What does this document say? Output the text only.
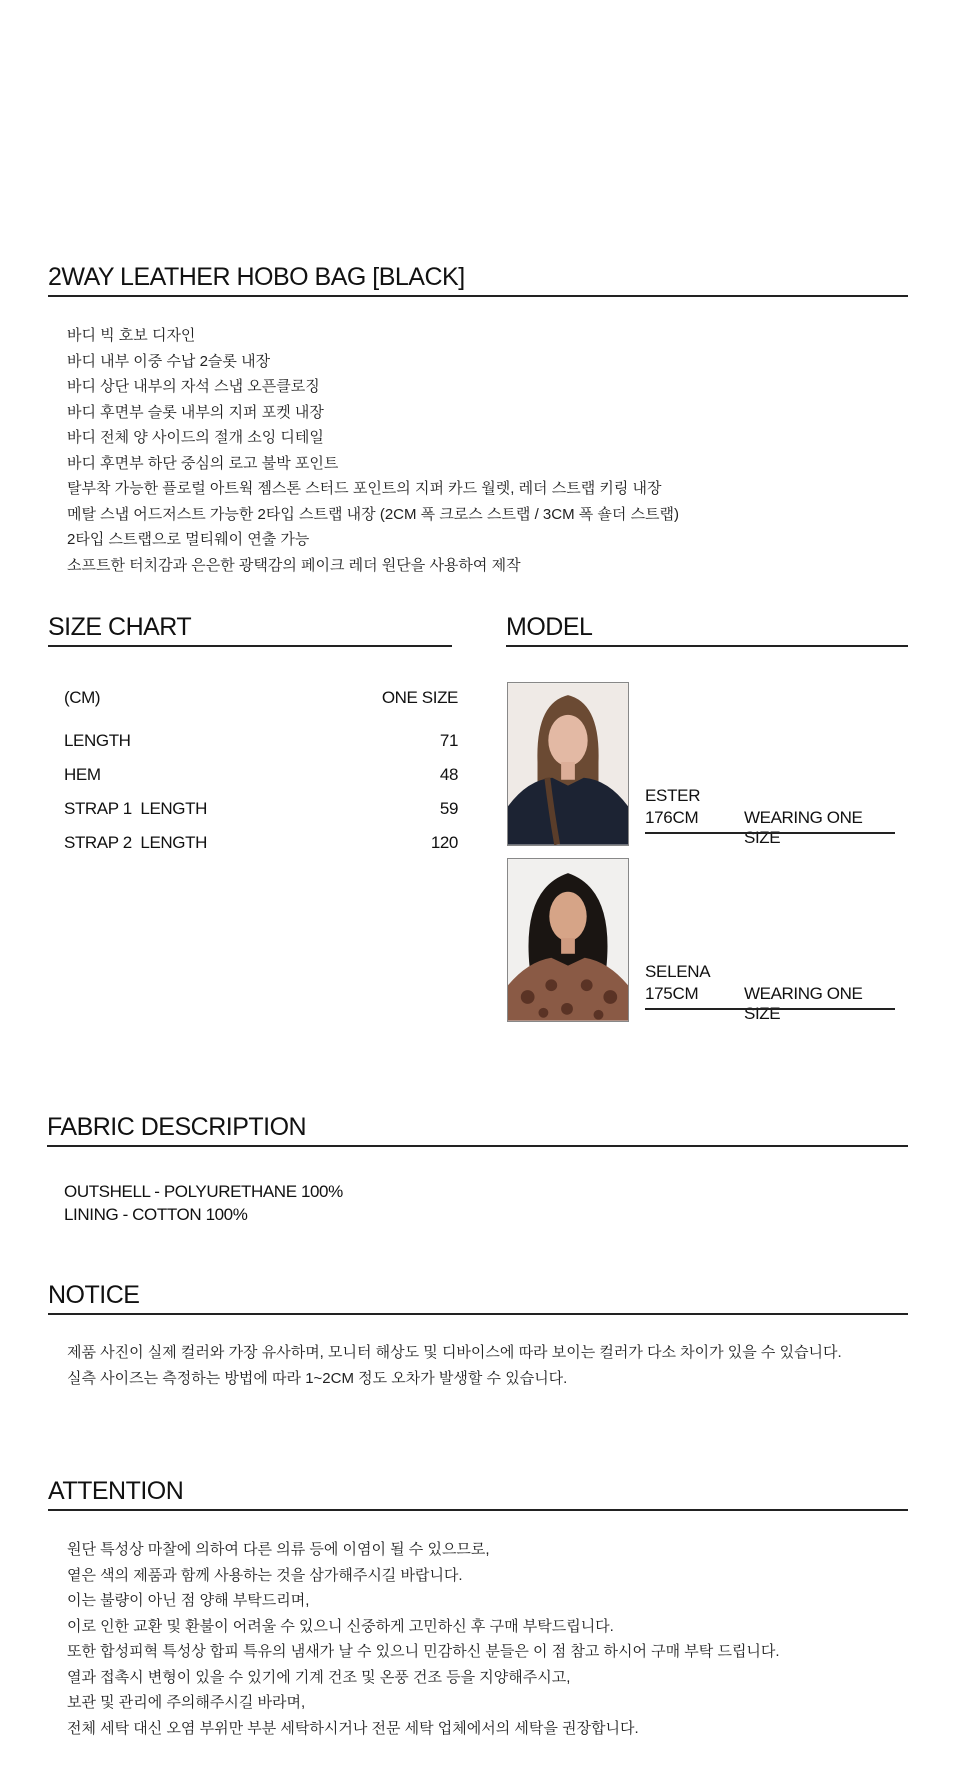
2WAY LEATHER HOBO BAG [BLACK]
바디 빅 호보 디자인
바디 내부 이중 수납 2슬롯 내장
바디 상단 내부의 자석 스냅 오픈클로징
바디 후면부 슬롯 내부의 지퍼 포켓 내장
바디 전체 양 사이드의 절개 소잉 디테일
바디 후면부 하단 중심의 로고 불박 포인트
탈부착 가능한 플로럴 아트웍 젬스톤 스터드 포인트의 지퍼 카드 월렛, 레더 스트랩 키링 내장
메탈 스냅 어드저스트 가능한 2타입 스트랩 내장 (2CM 폭 크로스 스트랩 / 3CM 폭 숄더 스트랩)
2타입 스트랩으로 멀티웨이 연출 가능
소프트한 터치감과 은은한 광택감의 페이크 레더 원단을 사용하여 제작
SIZE CHART
(CM)	ONE SIZE
LENGTH	71
HEM	48
STRAP 1  LENGTH	59
STRAP 2  LENGTH	120
MODEL
ESTER
176CM	WEARING ONE SIZE
SELENA
175CM	WEARING ONE SIZE
FABRIC DESCRIPTION
OUTSHELL - POLYURETHANE 100%
LINING - COTTON 100%
NOTICE
제품 사진이 실제 컬러와 가장 유사하며, 모니터 해상도 및 디바이스에 따라 보이는 컬러가 다소 차이가 있을 수 있습니다.
실측 사이즈는 측정하는 방법에 따라 1~2CM 정도 오차가 발생할 수 있습니다.
ATTENTION
원단 특성상 마찰에 의하여 다른 의류 등에 이염이 될 수 있으므로,
옅은 색의 제품과 함께 사용하는 것을 삼가해주시길 바랍니다.
이는 불량이 아닌 점 양해 부탁드리며,
이로 인한 교환 및 환불이 어려울 수 있으니 신중하게 고민하신 후 구매 부탁드립니다.
또한 합성피혁 특성상 합피 특유의 냄새가 날 수 있으니 민감하신 분들은 이 점 참고 하시어 구매 부탁 드립니다.
열과 접촉시 변형이 있을 수 있기에 기계 건조 및 온풍 건조 등을 지양해주시고,
보관 및 관리에 주의해주시길 바라며,
전체 세탁 대신 오염 부위만 부분 세탁하시거나 전문 세탁 업체에서의 세탁을 권장합니다.
